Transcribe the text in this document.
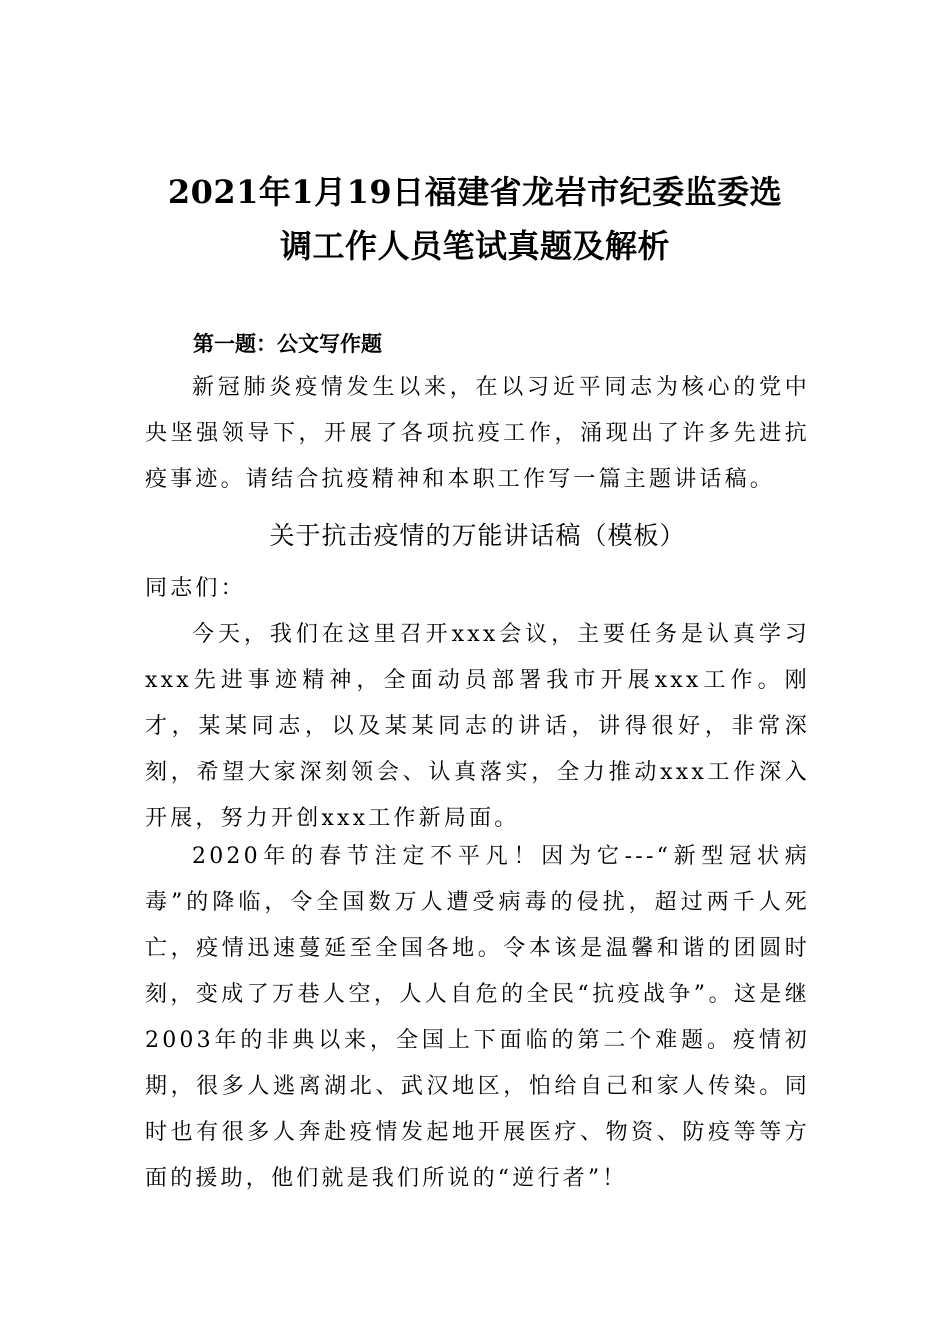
2021年1月19日福建省龙岩市纪委监委选
调工作人员笔试真题及解析
第一题：公文写作题

新冠肺炎疫情发生以来，在以习近平同志为核心的党中央坚强领导下，开展了各项抗疫工作，涌现出了许多先进抗疫事迹。请结合抗疫精神和本职工作写一篇主题讲话稿。

关于抗击疫情的万能讲话稿（模板）

同志们：

今天，我们在这里召开xxx会议，主要任务是认真学习xxx先进事迹精神，全面动员部署我市开展xxx工作。刚才，某某同志，以及某某同志的讲话，讲得很好，非常深刻，希望大家深刻领会、认真落实，全力推动xxx工作深入开展，努力开创xxx工作新局面。

2020年的春节注定不平凡！因为它---“新型冠状病毒”的降临，令全国数万人遭受病毒的侵扰，超过两千人死亡，疫情迅速蔓延至全国各地。令本该是温馨和谐的团圆时刻，变成了万巷人空，人人自危的全民“抗疫战争”。这是继2003年的非典以来，全国上下面临的第二个难题。疫情初期，很多人逃离湖北、武汉地区，怕给自己和家人传染。同时也有很多人奔赴疫情发起地开展医疗、物资、防疫等等方面的援助，他们就是我们所说的“逆行者”！
